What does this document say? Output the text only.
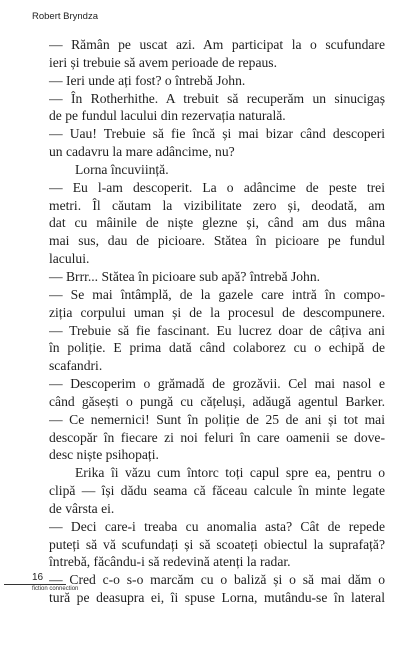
Robert Bryndza
— Rămân pe uscat azi. Am participat la o scufundare
ieri și trebuie să avem perioade de repaus.
— Ieri unde ați fost? o întrebă John.
— În Rotherhithe. A trebuit să recuperăm un sinucigaș
de pe fundul lacului din rezervația naturală.
— Uau! Trebuie să fie încă și mai bizar când descoperi
un cadavru la mare adâncime, nu?
Lorna încuviință.
— Eu l-am descoperit. La o adâncime de peste trei
metri. Îl căutam la vizibilitate zero și, deodată, am
dat cu mâinile de niște glezne și, când am dus mâna
mai sus, dau de picioare. Stătea în picioare pe fundul
lacului.
— Brrr... Stătea în picioare sub apă? întrebă John.
— Se mai întâmplă, de la gazele care intră în compo-
ziția corpului uman și de la procesul de descompunere.
— Trebuie să fie fascinant. Eu lucrez doar de câțiva ani
în poliție. E prima dată când colaborez cu o echipă de
scafandri.
— Descoperim o grămadă de grozăvii. Cel mai nasol e
când găsești o pungă cu cățeluși, adăugă agentul Barker.
— Ce nemernici! Sunt în poliție de 25 de ani și tot mai
descopăr în fiecare zi noi feluri în care oamenii se dove-
desc niște psihopați.
Erika îi văzu cum întorc toți capul spre ea, pentru o
clipă — își dădu seama că făceau calcule în minte legate
de vârsta ei.
— Deci care-i treaba cu anomalia asta? Cât de repede
puteți să vă scufundați și să scoateți obiectul la suprafață?
întrebă, făcându-i să redevină atenți la radar.
— Cred c-o s-o marcăm cu o baliză și o să mai dăm o
tură pe deasupra ei, îi spuse Lorna, mutându-se în lateral
16
fiction connection
